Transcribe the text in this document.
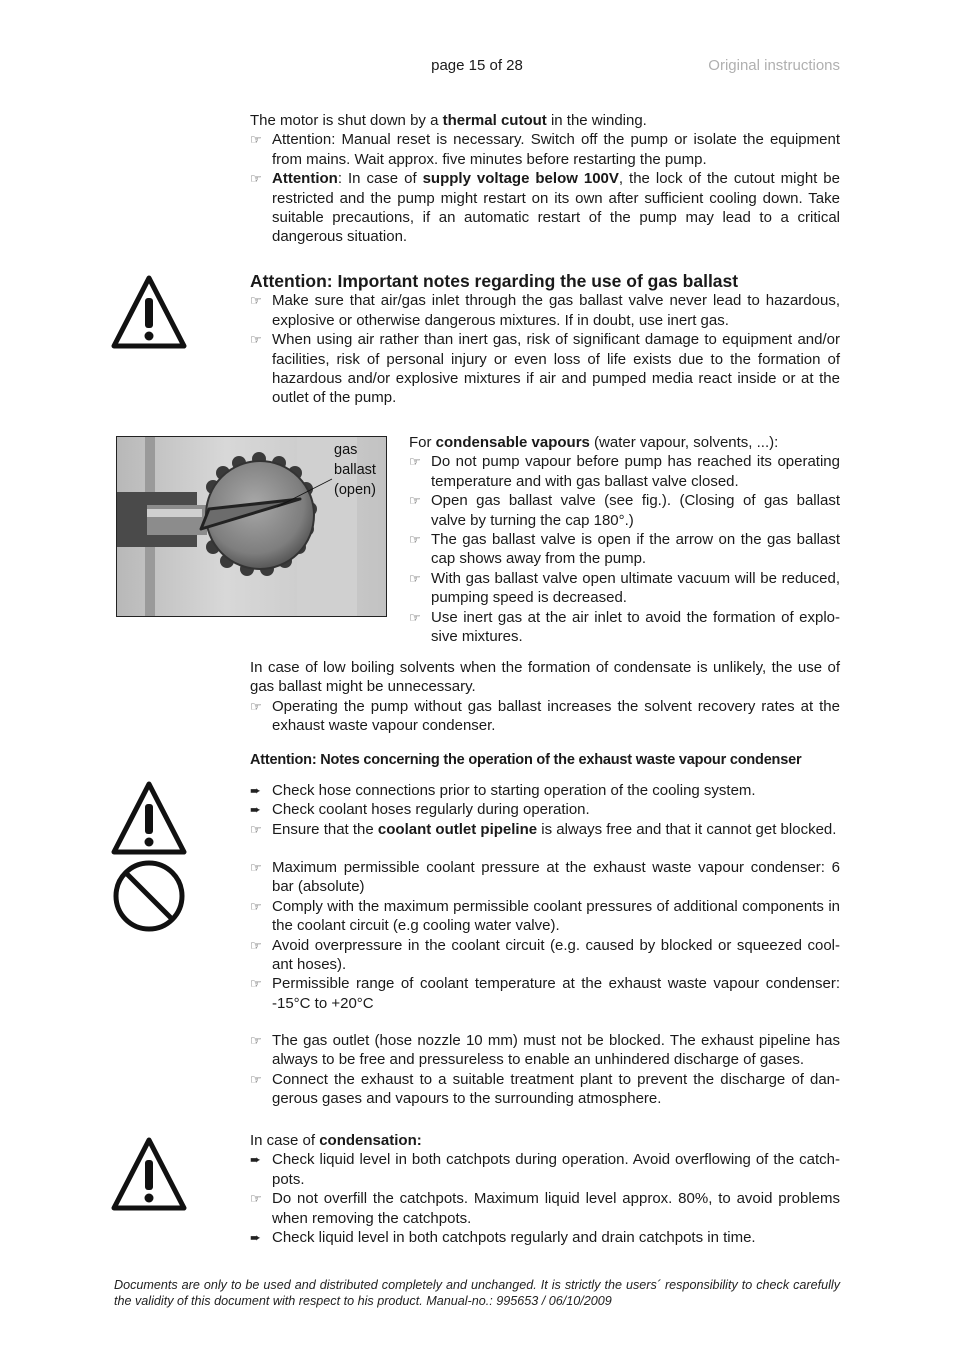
page 15 of 28	Original instructions
The motor is shut down by a thermal cutout in the winding.
☞ Attention: Manual reset is necessary. Switch off the pump or isolate the equipment from mains. Wait approx. five minutes before restarting the pump.
☞ Attention: In case of supply voltage below 100V, the lock of the cutout might be restricted and the pump might restart on its own after sufficient cooling down. Take suitable precautions, if an automatic restart of the pump may lead to a critical dangerous situation.
Attention: Important notes regarding the use of gas ballast
☞ Make sure that air/gas inlet through the gas ballast valve never lead to hazardous, explosive or otherwise dangerous mixtures. If in doubt, use inert gas.
☞ When using air rather than inert gas, risk of significant damage to equipment and/or facilities, risk of personal injury or even loss of life exists due to the formation of hazardous and/or explosive mixtures if air and pumped media react inside or at the outlet of the pump.
gas
ballast
(open)
For condensable vapours (water vapour, solvents, ...):
☞ Do not pump vapour before pump has reached its operating temperature and with gas ballast valve closed.
☞ Open gas ballast valve (see fig.). (Closing of gas ballast valve by turning the cap 180°.)
☞ The gas ballast valve is open if the arrow on the gas ballast cap shows away from the pump.
☞ With gas ballast valve open ultimate vacuum will be reduced, pumping speed is decreased.
☞ Use inert gas at the air inlet to avoid the formation of explo-sive mixtures.
In case of low boiling solvents when the formation of condensate is unlikely, the use of gas ballast might be unnecessary.
☞ Operating the pump without gas ballast increases the solvent recovery rates at the exhaust waste vapour condenser.
Attention: Notes concerning the operation of the exhaust waste vapour condenser
➨ Check hose connections prior to starting operation of the cooling system.
➨ Check coolant hoses regularly during operation.
☞ Ensure that the coolant outlet pipeline is always free and that it cannot get blocked.
☞ Maximum permissible coolant pressure at the exhaust waste vapour condenser: 6 bar (absolute)
☞ Comply with the maximum permissible coolant pressures of additional components in the coolant circuit (e.g cooling water valve).
☞ Avoid overpressure in the coolant circuit (e.g. caused by blocked or squeezed cool-ant hoses).
☞ Permissible range of coolant temperature at the exhaust waste vapour condenser: -15°C to +20°C
☞ The gas outlet (hose nozzle 10 mm) must not be blocked. The exhaust pipeline has always to be free and pressureless to enable an unhindered discharge of gases.
☞ Connect the exhaust to a suitable treatment plant to prevent the discharge of dan-gerous gases and vapours to the surrounding atmosphere.
In case of condensation:
➨ Check liquid level in both catchpots during operation. Avoid overflowing of the catch-pots.
☞ Do not overfill the catchpots. Maximum liquid level approx. 80%, to avoid problems when removing the catchpots.
➨ Check liquid level in both catchpots regularly and drain catchpots in time.
Documents are only to be used and distributed completely and unchanged. It is strictly the users´ responsibility to check carefully the validity of this document with respect to his product. Manual-no.: 995653 / 06/10/2009
